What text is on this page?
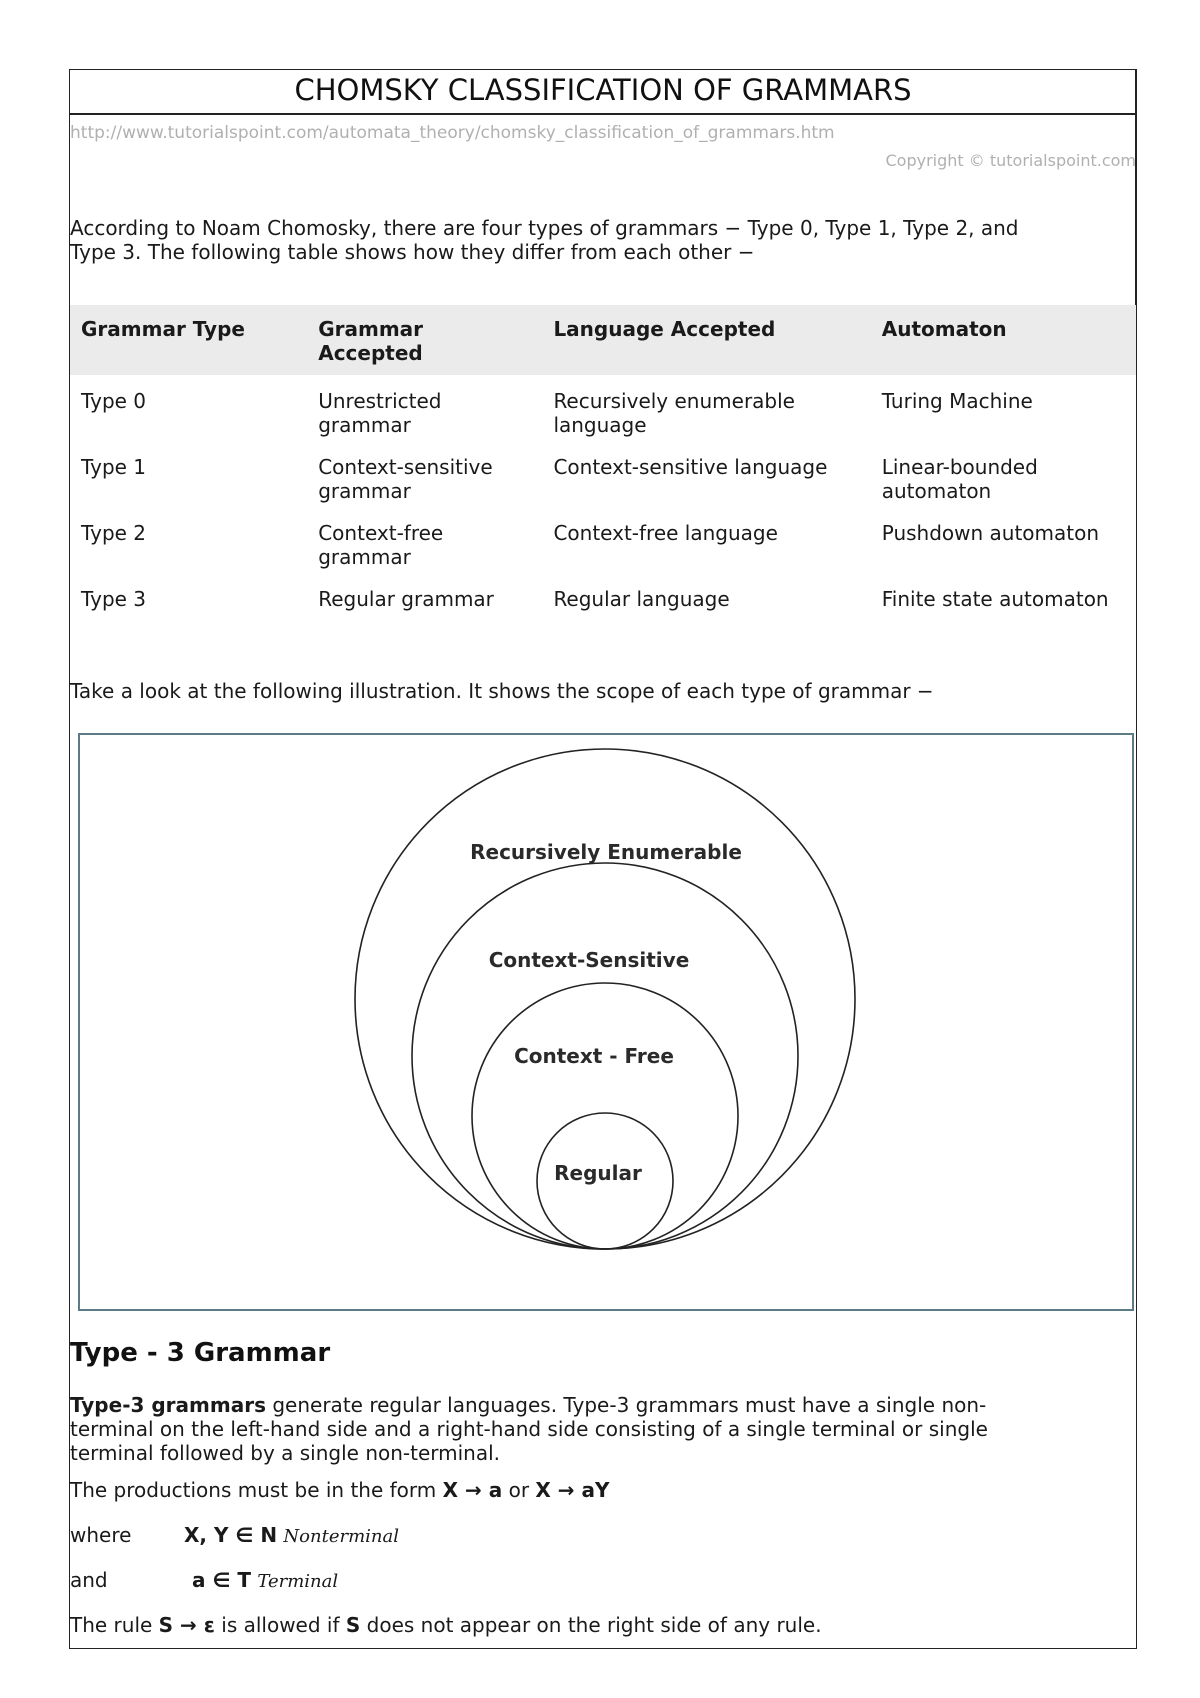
CHOMSKY CLASSIFICATION OF GRAMMARS
http://www.tutorialspoint.com/automata_theory/chomsky_classification_of_grammars.htm
Copyright © tutorialspoint.com
According to Noam Chomosky, there are four types of grammars − Type 0, Type 1, Type 2, and
Type 3. The following table shows how they differ from each other −
Grammar Type	Grammar Accepted	Language Accepted	Automaton
Type 0	Unrestricted grammar	Recursively enumerable language	Turing Machine
Type 1	Context-sensitive grammar	Context-sensitive language	Linear-bounded automaton
Type 2	Context-free grammar	Context-free language	Pushdown automaton
Type 3	Regular grammar	Regular language	Finite state automaton
Take a look at the following illustration. It shows the scope of each type of grammar −
Recursively Enumerable
Context-Sensitive
Context - Free
Regular
Type - 3 Grammar
Type-3 grammars generate regular languages. Type-3 grammars must have a single non-
terminal on the left-hand side and a right-hand side consisting of a single terminal or single
terminal followed by a single non-terminal.
The productions must be in the form X → a or X → aY
where	X, Y ∈ N Nonterminal
and	a ∈ T Terminal
The rule S → ε is allowed if S does not appear on the right side of any rule.
